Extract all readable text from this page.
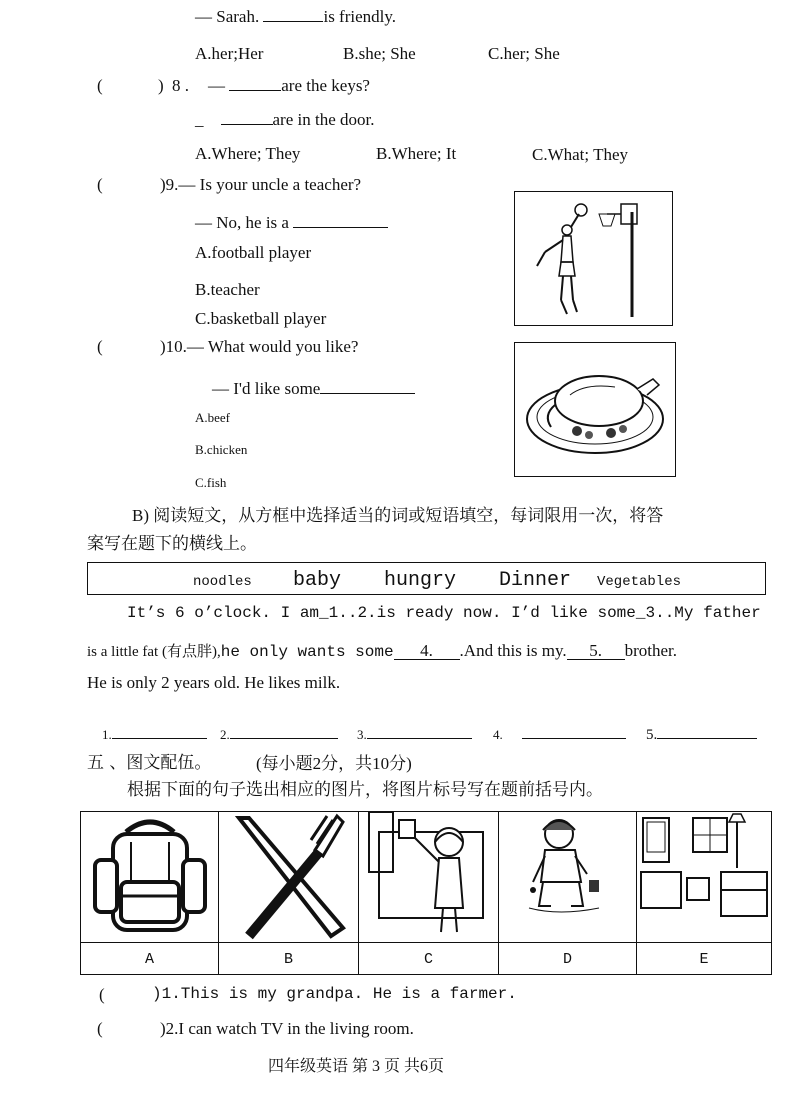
— Sarah.	is friendly.
A.her;Her	B.she; She	C.her; She
(	) 8 . —	are the keys?
_	are in the door.
A.Where; They	B.Where; It	C.What; They
(	)9.— Is your uncle a teacher?
— No, he is a
A.football player
B.teacher
C.basketball player
(	)10.— What would you like?
— I'd like some
A.beef
B.chicken
C.fish
B) 阅读短文，从方框中选择适当的词或短语填空，每词限用一次，将答
案写在题下的横线上。
noodles baby hungry Dinner Vegetables
It’s 6 o’clock. I am_1..2.is ready now. I’d like some_3..My father
is a little fat (有点胖),he only wants some 4. .And this is my. 5. brother.
He is only 2 years old. He likes milk.
1.	2.	3.	4.	5.
五 、图文配伍。	(每小题2分，共10分)
根据下面的句子选出相应的图片，将图片标号写在题前括号内。
A	B	C	D	E
(	)1.This is my grandpa. He is a farmer.
(	)2.I can watch TV in the living room.
四年级英语 第 3 页 共6页
